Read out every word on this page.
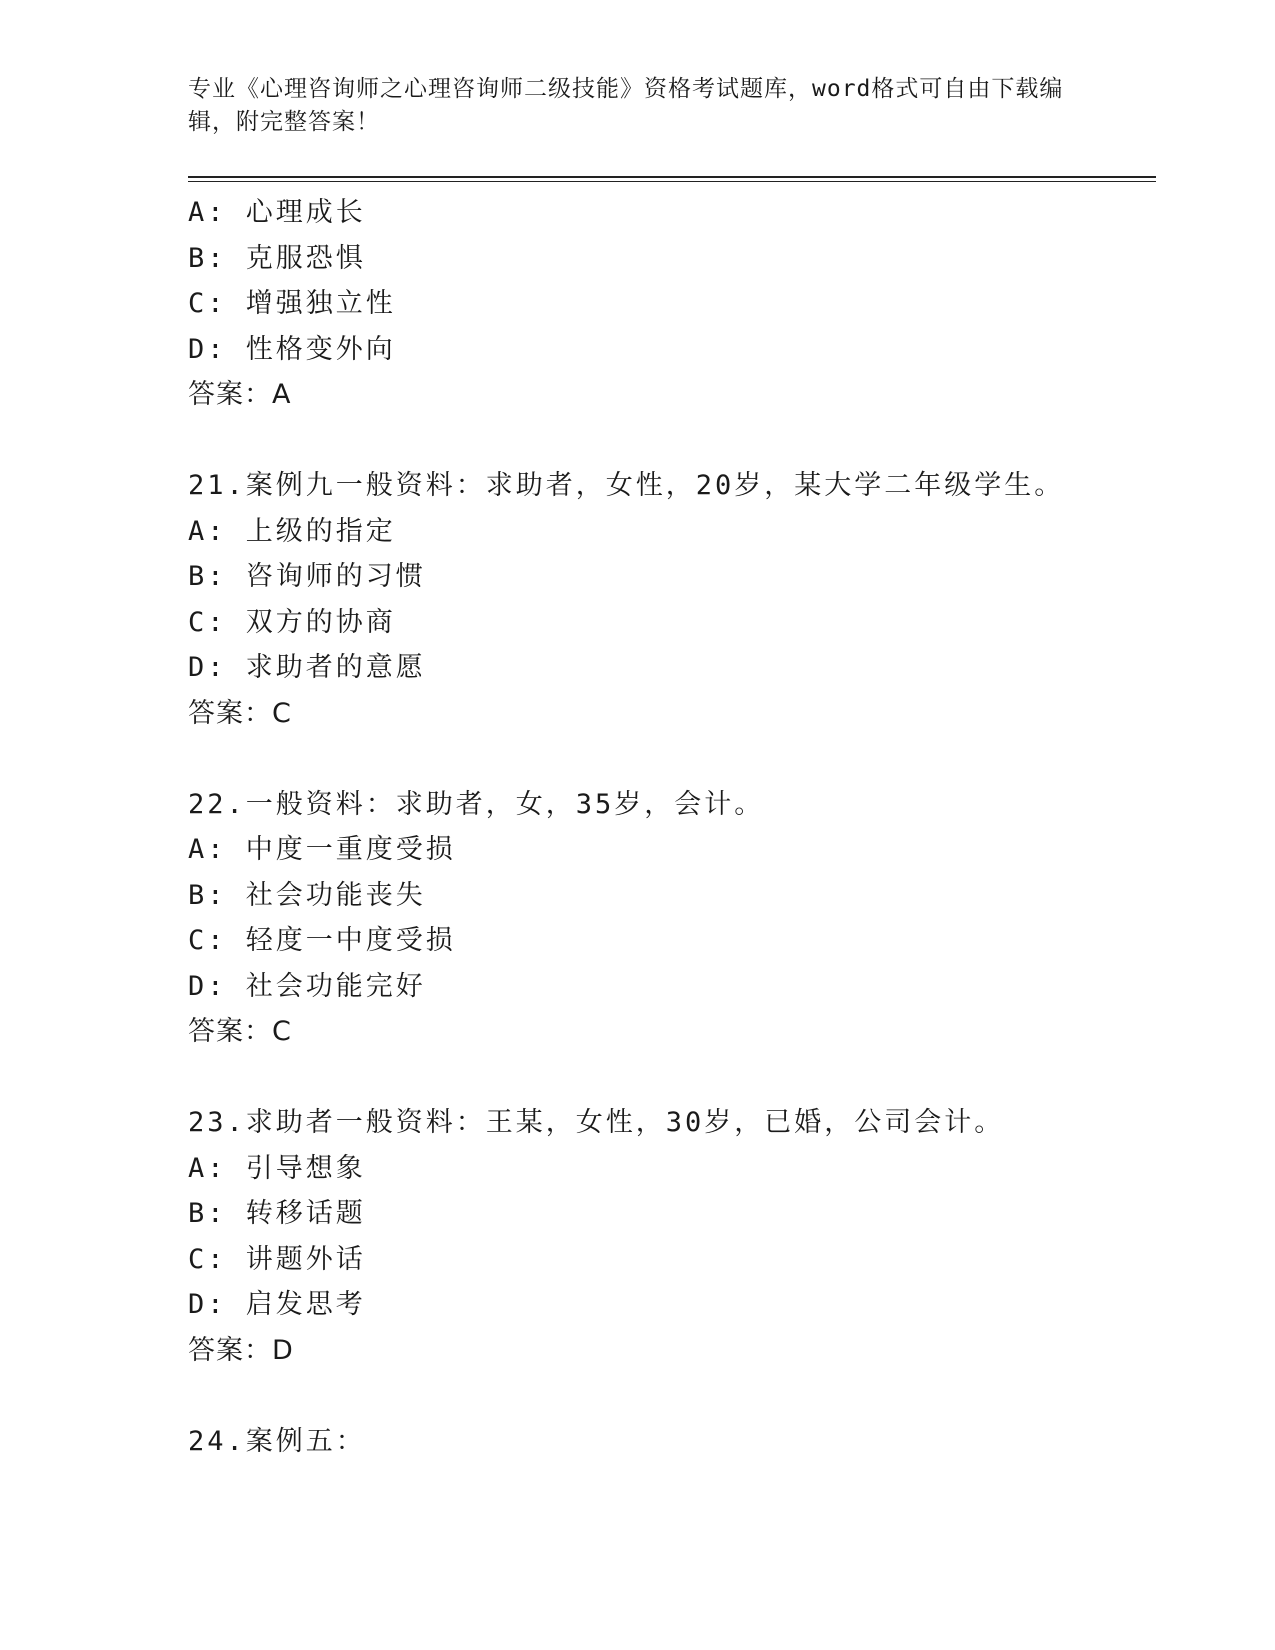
专业《心理咨询师之心理咨询师二级技能》资格考试题库，word格式可自由下载编辑，附完整答案！
A: 心理成长
B: 克服恐惧
C: 增强独立性
D: 性格变外向
答案：A
21.案例九一般资料：求助者，女性，20岁，某大学二年级学生。
A: 上级的指定
B: 咨询师的习惯
C: 双方的协商
D: 求助者的意愿
答案：C
22.一般资料：求助者，女，35岁，会计。
A: 中度一重度受损
B: 社会功能丧失
C: 轻度一中度受损
D: 社会功能完好
答案：C
23.求助者一般资料：王某，女性，30岁，已婚，公司会计。
A: 引导想象
B: 转移话题
C: 讲题外话
D: 启发思考
答案：D
24.案例五：
